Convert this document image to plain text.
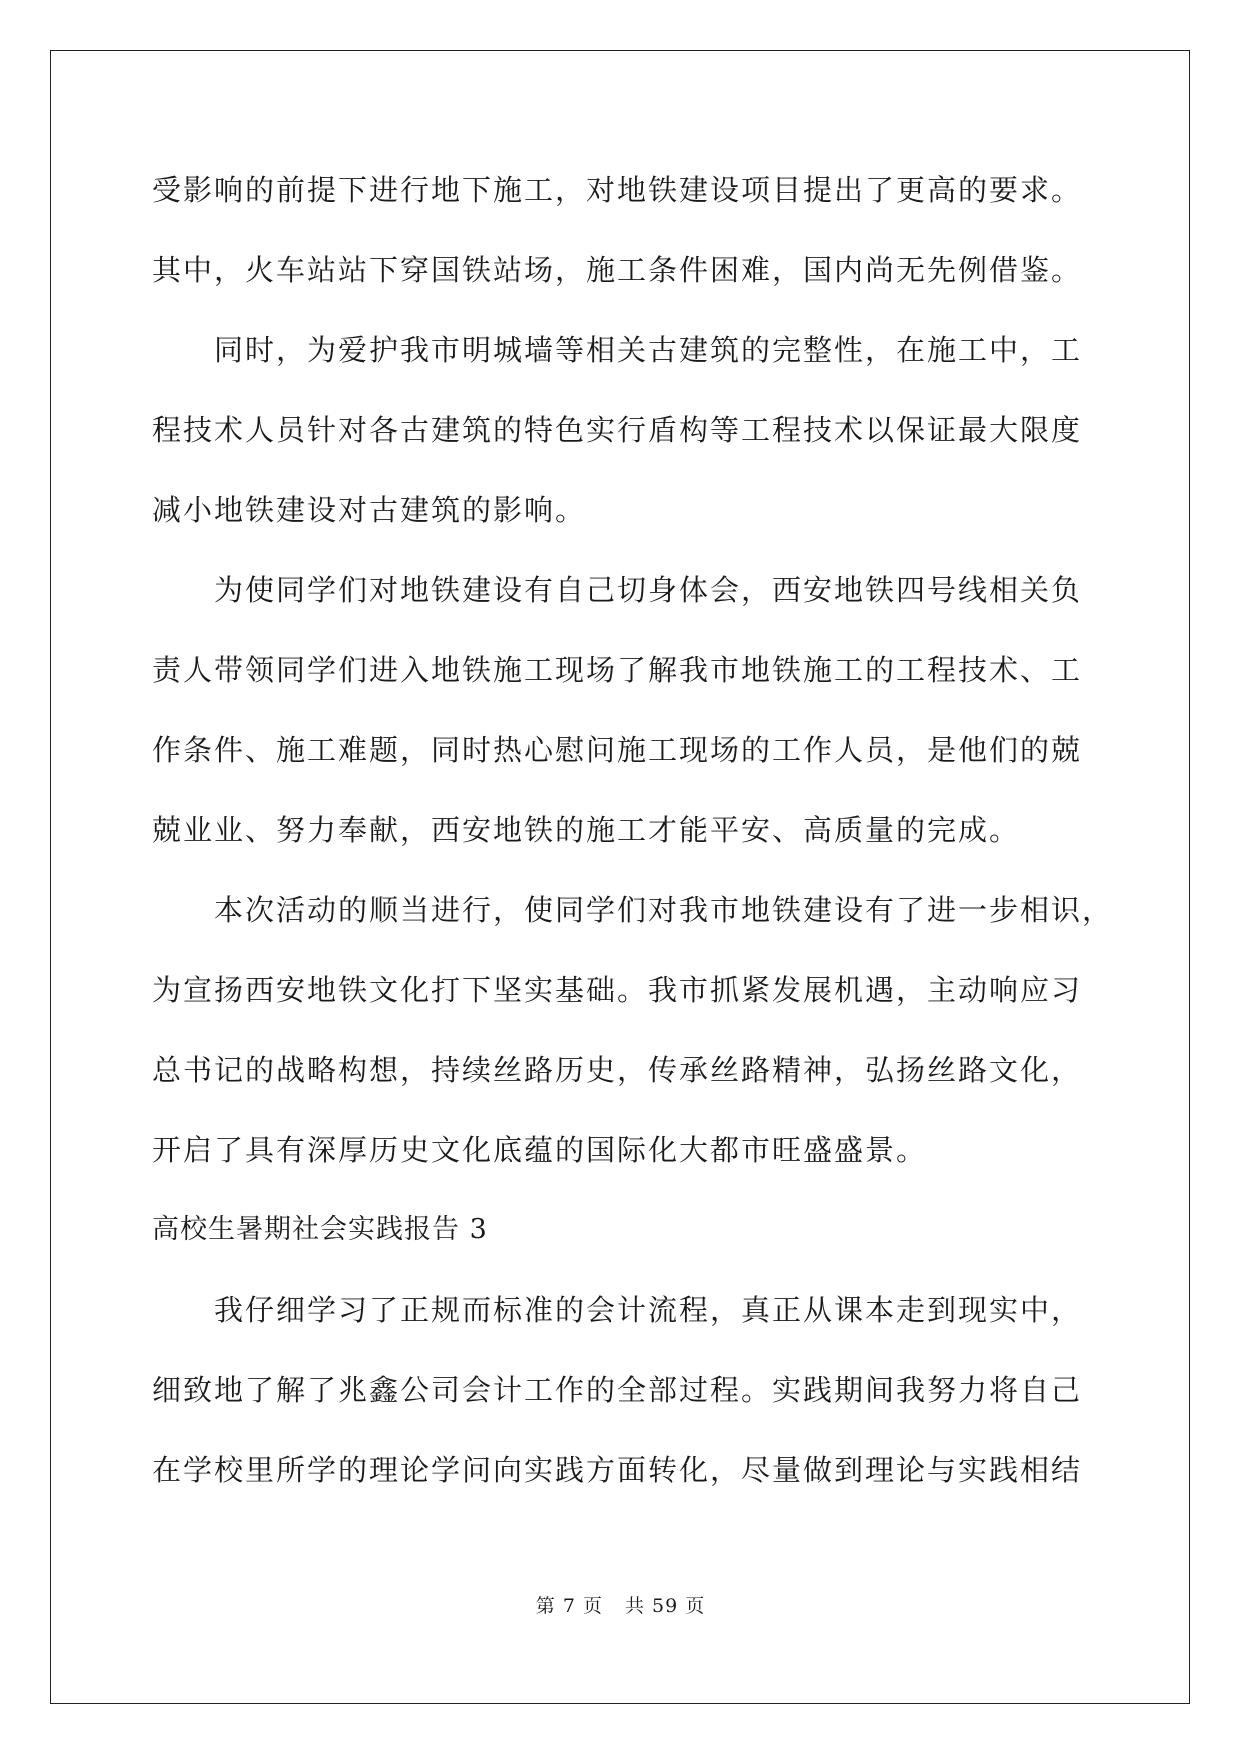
受影响的前提下进行地下施工，对地铁建设项目提出了更高的要求。
其中，火车站站下穿国铁站场，施工条件困难，国内尚无先例借鉴。
　　同时，为爱护我市明城墙等相关古建筑的完整性，在施工中，工
程技术人员针对各古建筑的特色实行盾构等工程技术以保证最大限度
减小地铁建设对古建筑的影响。
　　为使同学们对地铁建设有自己切身体会，西安地铁四号线相关负
责人带领同学们进入地铁施工现场了解我市地铁施工的工程技术、工
作条件、施工难题，同时热心慰问施工现场的工作人员，是他们的兢
兢业业、努力奉献，西安地铁的施工才能平安、高质量的完成。
　　本次活动的顺当进行，使同学们对我市地铁建设有了进一步相识，
为宣扬西安地铁文化打下坚实基础。我市抓紧发展机遇，主动响应习
总书记的战略构想，持续丝路历史，传承丝路精神，弘扬丝路文化，
开启了具有深厚历史文化底蕴的国际化大都市旺盛盛景。
高校生暑期社会实践报告 3
　　我仔细学习了正规而标准的会计流程，真正从课本走到现实中，
细致地了解了兆鑫公司会计工作的全部过程。实践期间我努力将自己
在学校里所学的理论学问向实践方面转化，尽量做到理论与实践相结
第 7 页 共 59 页
